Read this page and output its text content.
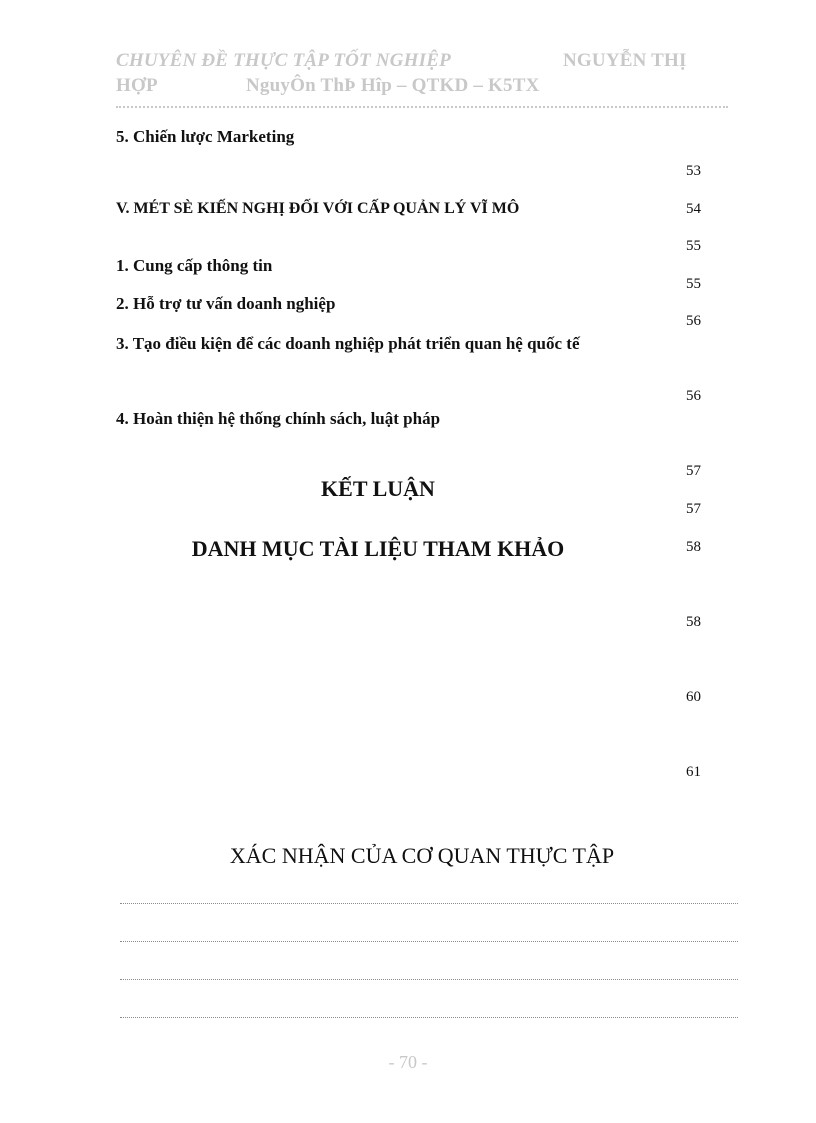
CHUYÊN ĐỀ THỰC TẬP TỐT NGHIỆP	NGUYỄN THỊ
HỢP	NguyÔn ThÞ Hîp – QTKD – K5TX
5. Chiến lược Marketing
V. MÉT SÈ KIẾN NGHỊ ĐỐI VỚI CẤP QUẢN LÝ VĨ MÔ
1. Cung cấp thông tin
2. Hỗ trợ tư vấn doanh nghiệp
3. Tạo điều kiện để các doanh nghiệp phát triển quan hệ quốc tế
4. Hoàn thiện hệ thống chính sách, luật pháp
KẾT LUẬN
DANH MỤC TÀI LIỆU THAM KHẢO
53
54
55
55
56
56
57
57
58
58
60
61
XÁC NHẬN CỦA CƠ QUAN THỰC TẬP
- 70 -
